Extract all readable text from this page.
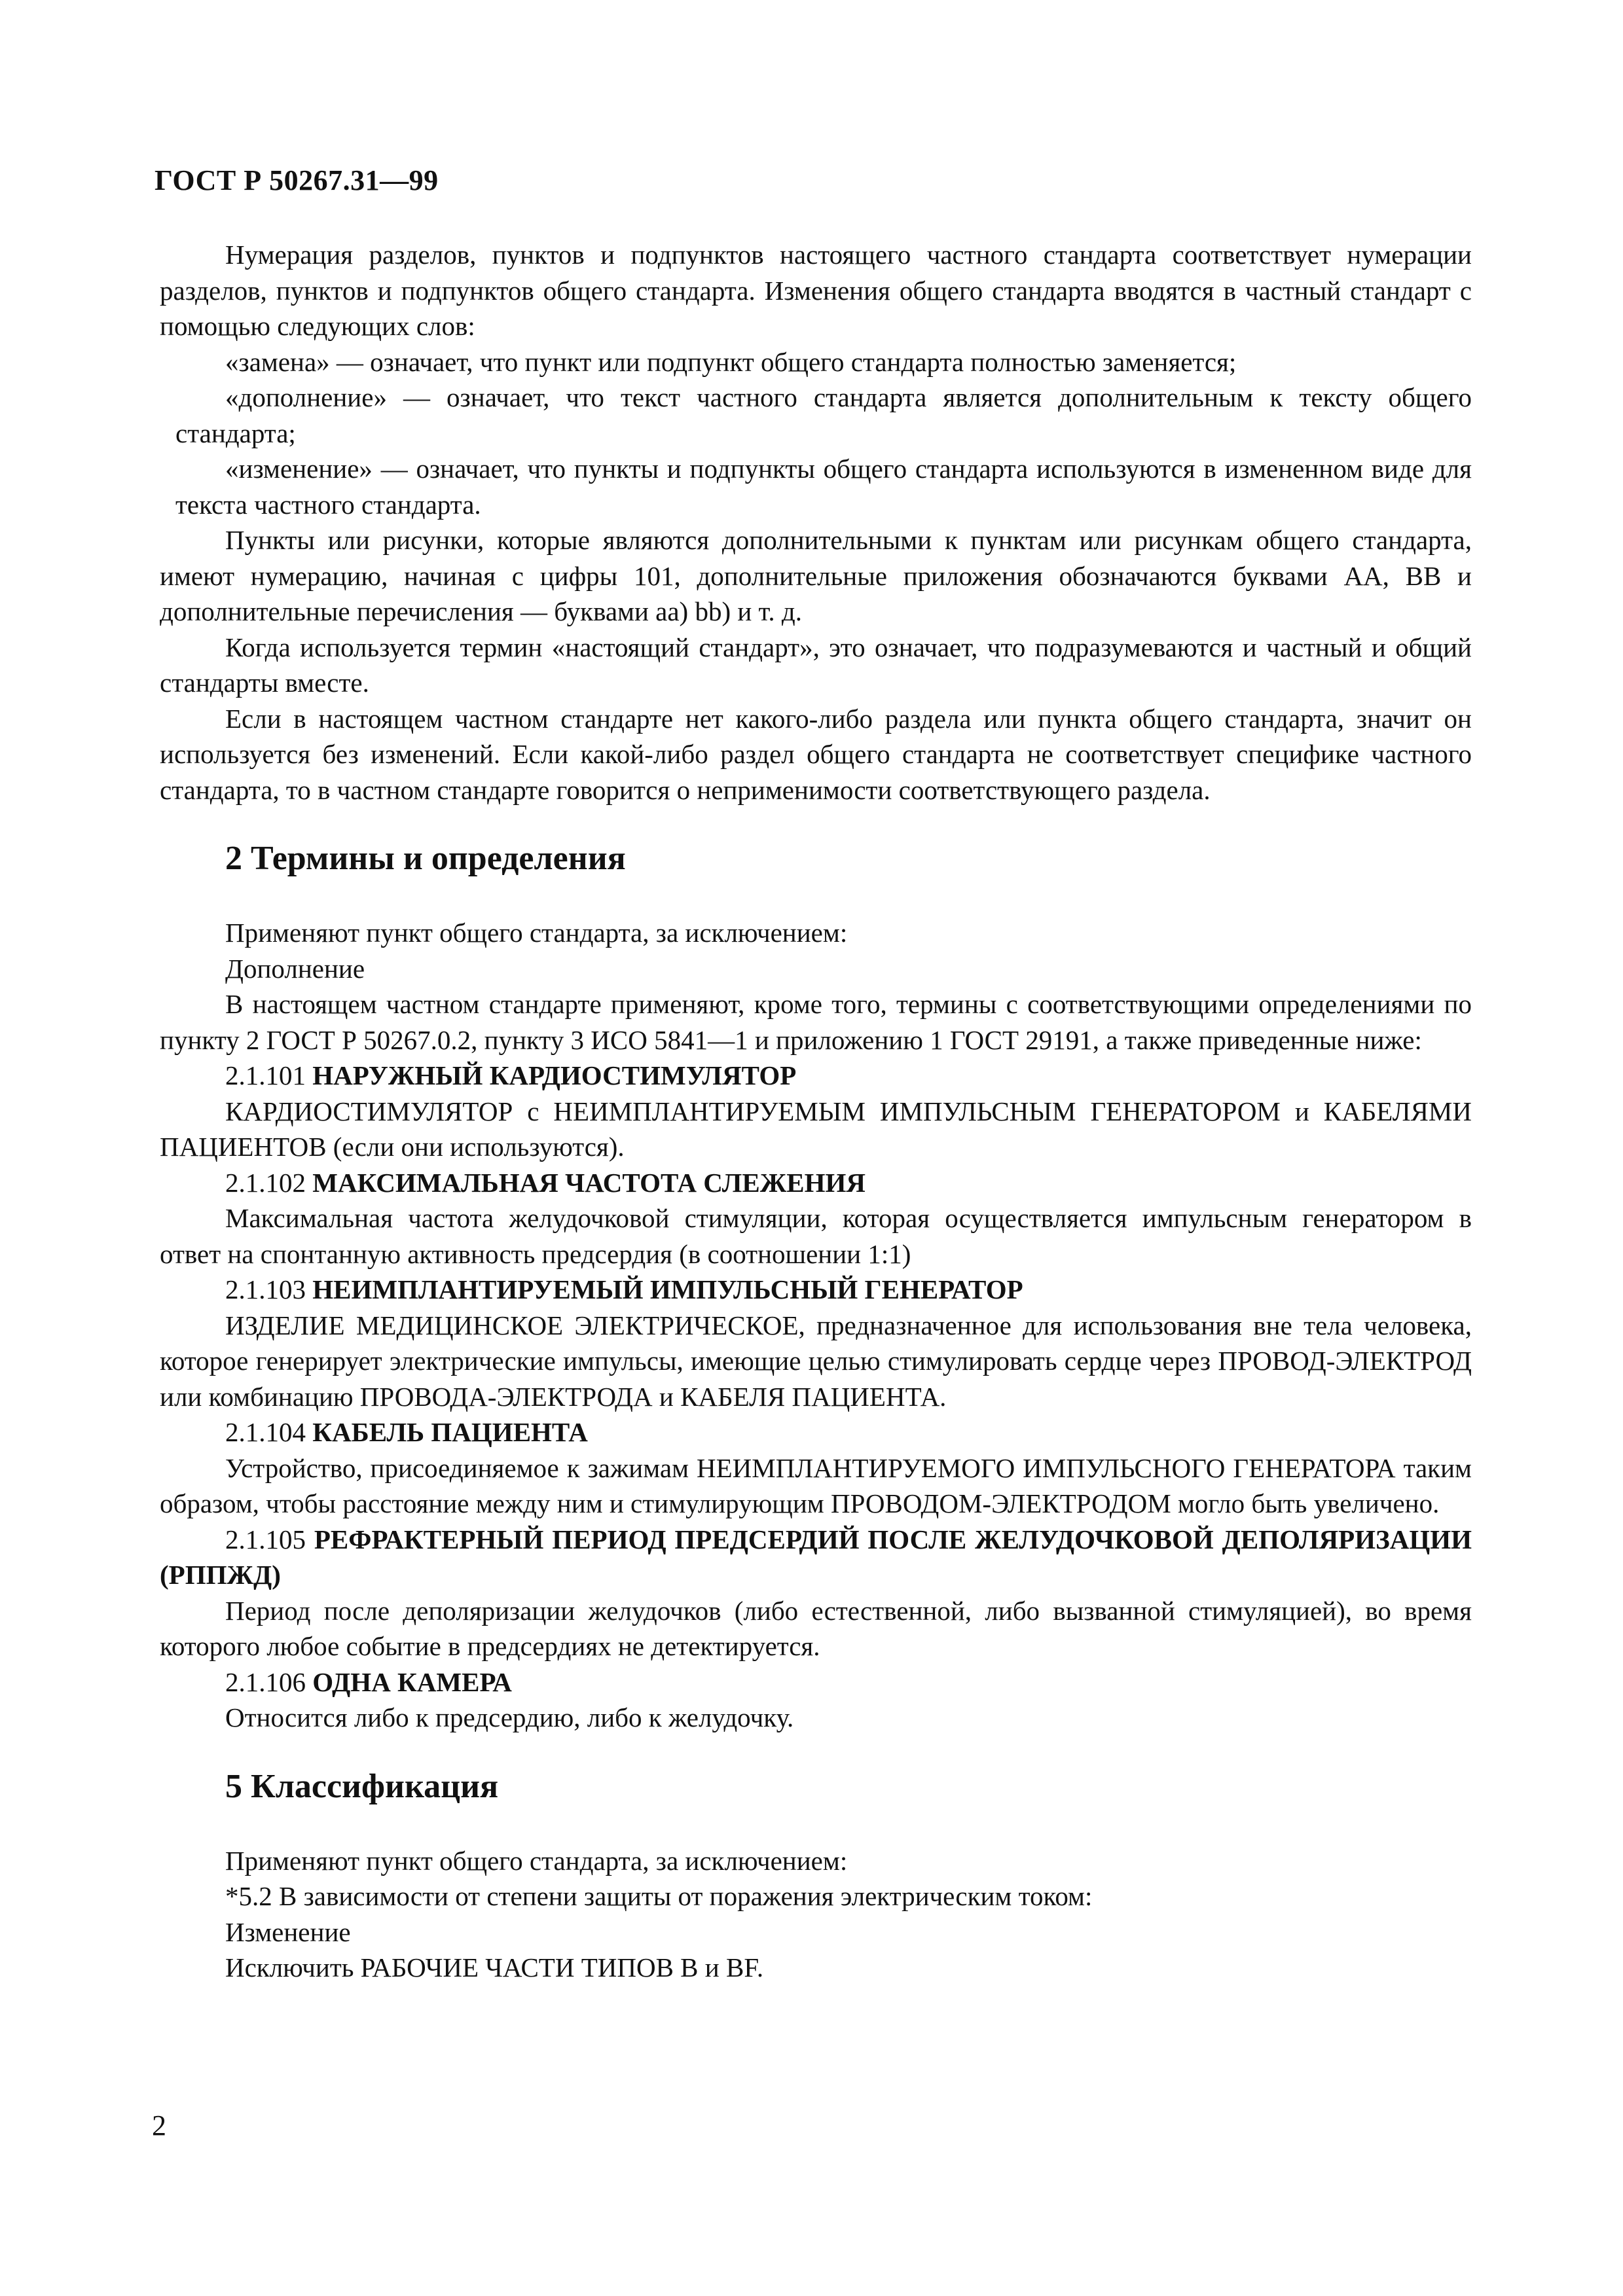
ГОСТ Р 50267.31—99

Нумерация разделов, пунктов и подпунктов настоящего частного стандарта соответствует нумерации разделов, пунктов и подпунктов общего стандарта. Изменения общего стандарта вводятся в частный стандарт с помощью следующих слов:

«замена» — означает, что пункт или подпункт общего стандарта полностью заменяется;

«дополнение» — означает, что текст частного стандарта является дополнительным к тексту общего стандарта;

«изменение» — означает, что пункты и подпункты общего стандарта используются в измененном виде для текста частного стандарта.

Пункты или рисунки, которые являются дополнительными к пунктам или рисункам общего стандарта, имеют нумерацию, начиная с цифры 101, дополнительные приложения обозначаются буквами АА, ВВ и дополнительные перечисления — буквами аа) bb) и т. д.

Когда используется термин «настоящий стандарт», это означает, что подразумеваются и частный и общий стандарты вместе.

Если в настоящем частном стандарте нет какого-либо раздела или пункта общего стандарта, значит он используется без изменений. Если какой-либо раздел общего стандарта не соответствует специфике частного стандарта, то в частном стандарте говорится о неприменимости соответствующего раздела.

2 Термины и определения

Применяют пункт общего стандарта, за исключением:

Дополнение

В настоящем частном стандарте применяют, кроме того, термины с соответствующими определениями по пункту 2 ГОСТ Р 50267.0.2, пункту 3 ИСО 5841—1 и приложению 1 ГОСТ 29191, а также приведенные ниже:

2.1.101 НАРУЖНЫЙ КАРДИОСТИМУЛЯТОР

КАРДИОСТИМУЛЯТОР с НЕИМПЛАНТИРУЕМЫМ ИМПУЛЬСНЫМ ГЕНЕРАТОРОМ и КАБЕЛЯМИ ПАЦИЕНТОВ (если они используются).

2.1.102 МАКСИМАЛЬНАЯ ЧАСТОТА СЛЕЖЕНИЯ

Максимальная частота желудочковой стимуляции, которая осуществляется импульсным генератором в ответ на спонтанную активность предсердия (в соотношении 1:1)

2.1.103 НЕИМПЛАНТИРУЕМЫЙ ИМПУЛЬСНЫЙ ГЕНЕРАТОР

ИЗДЕЛИЕ МЕДИЦИНСКОЕ ЭЛЕКТРИЧЕСКОЕ, предназначенное для использования вне тела человека, которое генерирует электрические импульсы, имеющие целью стимулировать сердце через ПРОВОД-ЭЛЕКТРОД или комбинацию ПРОВОДА-ЭЛЕКТРОДА и КАБЕЛЯ ПАЦИЕНТА.

2.1.104 КАБЕЛЬ ПАЦИЕНТА

Устройство, присоединяемое к зажимам НЕИМПЛАНТИРУЕМОГО ИМПУЛЬСНОГО ГЕНЕРАТОРА таким образом, чтобы расстояние между ним и стимулирующим ПРОВОДОМ-ЭЛЕКТРОДОМ могло быть увеличено.

2.1.105 РЕФРАКТЕРНЫЙ ПЕРИОД ПРЕДСЕРДИЙ ПОСЛЕ ЖЕЛУДОЧКОВОЙ ДЕПОЛЯРИЗАЦИИ (РППЖД)

Период после деполяризации желудочков (либо естественной, либо вызванной стимуляцией), во время которого любое событие в предсердиях не детектируется.

2.1.106 ОДНА КАМЕРА

Относится либо к предсердию, либо к желудочку.

5 Классификация

Применяют пункт общего стандарта, за исключением:

*5.2 В зависимости от степени защиты от поражения электрическим током:

Изменение

Исключить РАБОЧИЕ ЧАСТИ ТИПОВ В и BF.

2
